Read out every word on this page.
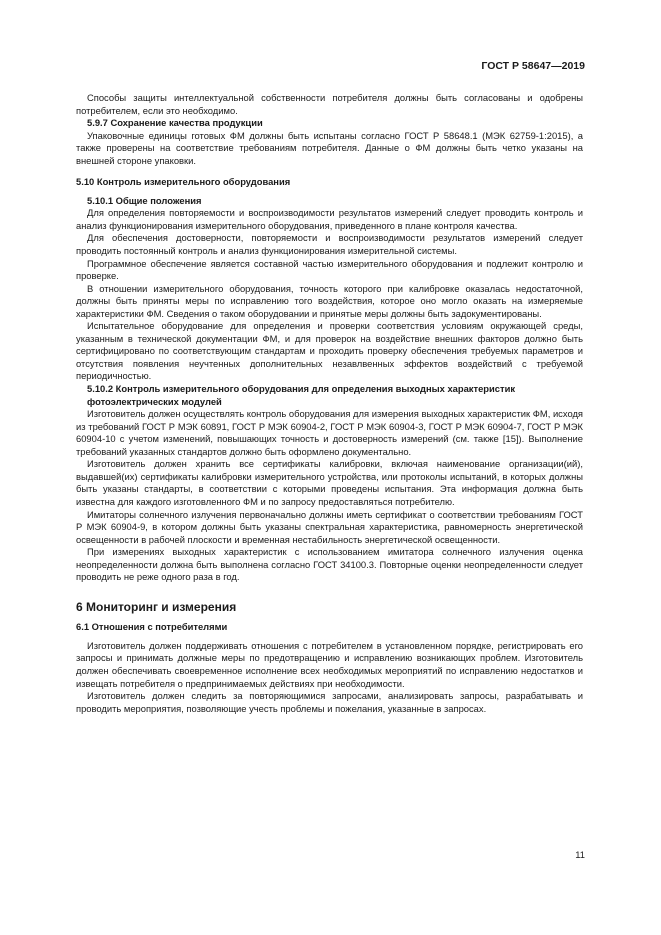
ГОСТ Р 58647—2019
Способы защиты интеллектуальной собственности потребителя должны быть согласованы и одобрены потребителем, если это необходимо.
5.9.7 Сохранение качества продукции
Упаковочные единицы готовых ФМ должны быть испытаны согласно ГОСТ Р 58648.1 (МЭК 62759-1:2015), а также проверены на соответствие требованиям потребителя. Данные о ФМ должны быть четко указаны на внешней стороне упаковки.
5.10 Контроль измерительного оборудования
5.10.1 Общие положения
Для определения повторяемости и воспроизводимости результатов измерений следует проводить контроль и анализ функционирования измерительного оборудования, приведенного в плане контроля качества.
Для обеспечения достоверности, повторяемости и воспроизводимости результатов измерений следует проводить постоянный контроль и анализ функционирования измерительной системы.
Программное обеспечение является составной частью измерительного оборудования и подлежит контролю и проверке.
В отношении измерительного оборудования, точность которого при калибровке оказалась недостаточной, должны быть приняты меры по исправлению того воздействия, которое оно могло оказать на измеряемые характеристики ФМ. Сведения о таком оборудовании и принятые меры должны быть задокументированы.
Испытательное оборудование для определения и проверки соответствия условиям окружающей среды, указанным в технической документации ФМ, и для проверок на воздействие внешних факторов должно быть сертифицировано по соответствующим стандартам и проходить проверку обеспечения требуемых параметров и отсутствия появления неучтенных дополнительных незавлвенных эффектов воздействий с требуемой периодичностью.
5.10.2 Контроль измерительного оборудования для определения выходных характеристик фотоэлектрических модулей
Изготовитель должен осуществлять контроль оборудования для измерения выходных характеристик ФМ, исходя из требований ГОСТ Р МЭК 60891, ГОСТ Р МЭК 60904-2, ГОСТ Р МЭК 60904-3, ГОСТ Р МЭК 60904-7, ГОСТ Р МЭК 60904-10 с учетом изменений, повышающих точность и достоверность измерений (см. также [15]). Выполнение требований указанных стандартов должно быть оформлено документально.
Изготовитель должен хранить все сертификаты калибровки, включая наименование организации(ий), выдавшей(их) сертификаты калибровки измерительного устройства, или протоколы испытаний, в которых должны быть указаны стандарты, в соответствии с которыми проведены испытания. Эта информация должна быть известна для каждого изготовленного ФМ и по запросу предоставляться потребителю.
Имитаторы солнечного излучения первоначально должны иметь сертификат о соответствии требованиям ГОСТ Р МЭК 60904-9, в котором должны быть указаны спектральная характеристика, равномерность энергетической освещенности в рабочей плоскости и временная нестабильность энергетической освещенности.
При измерениях выходных характеристик с использованием имитатора солнечного излучения оценка неопределенности должна быть выполнена согласно ГОСТ 34100.3. Повторные оценки неопределенности следует проводить не реже одного раза в год.
6 Мониторинг и измерения
6.1 Отношения с потребителями
Изготовитель должен поддерживать отношения с потребителем в установленном порядке, регистрировать его запросы и принимать должные меры по предотвращению и исправлению возникающих проблем. Изготовитель должен обеспечивать своевременное исполнение всех необходимых мероприятий по исправлению недостатков и извещать потребителя о предпринимаемых действиях при необходимости.
Изготовитель должен следить за повторяющимися запросами, анализировать запросы, разрабатывать и проводить мероприятия, позволяющие учесть проблемы и пожелания, указанные в запросах.
11
